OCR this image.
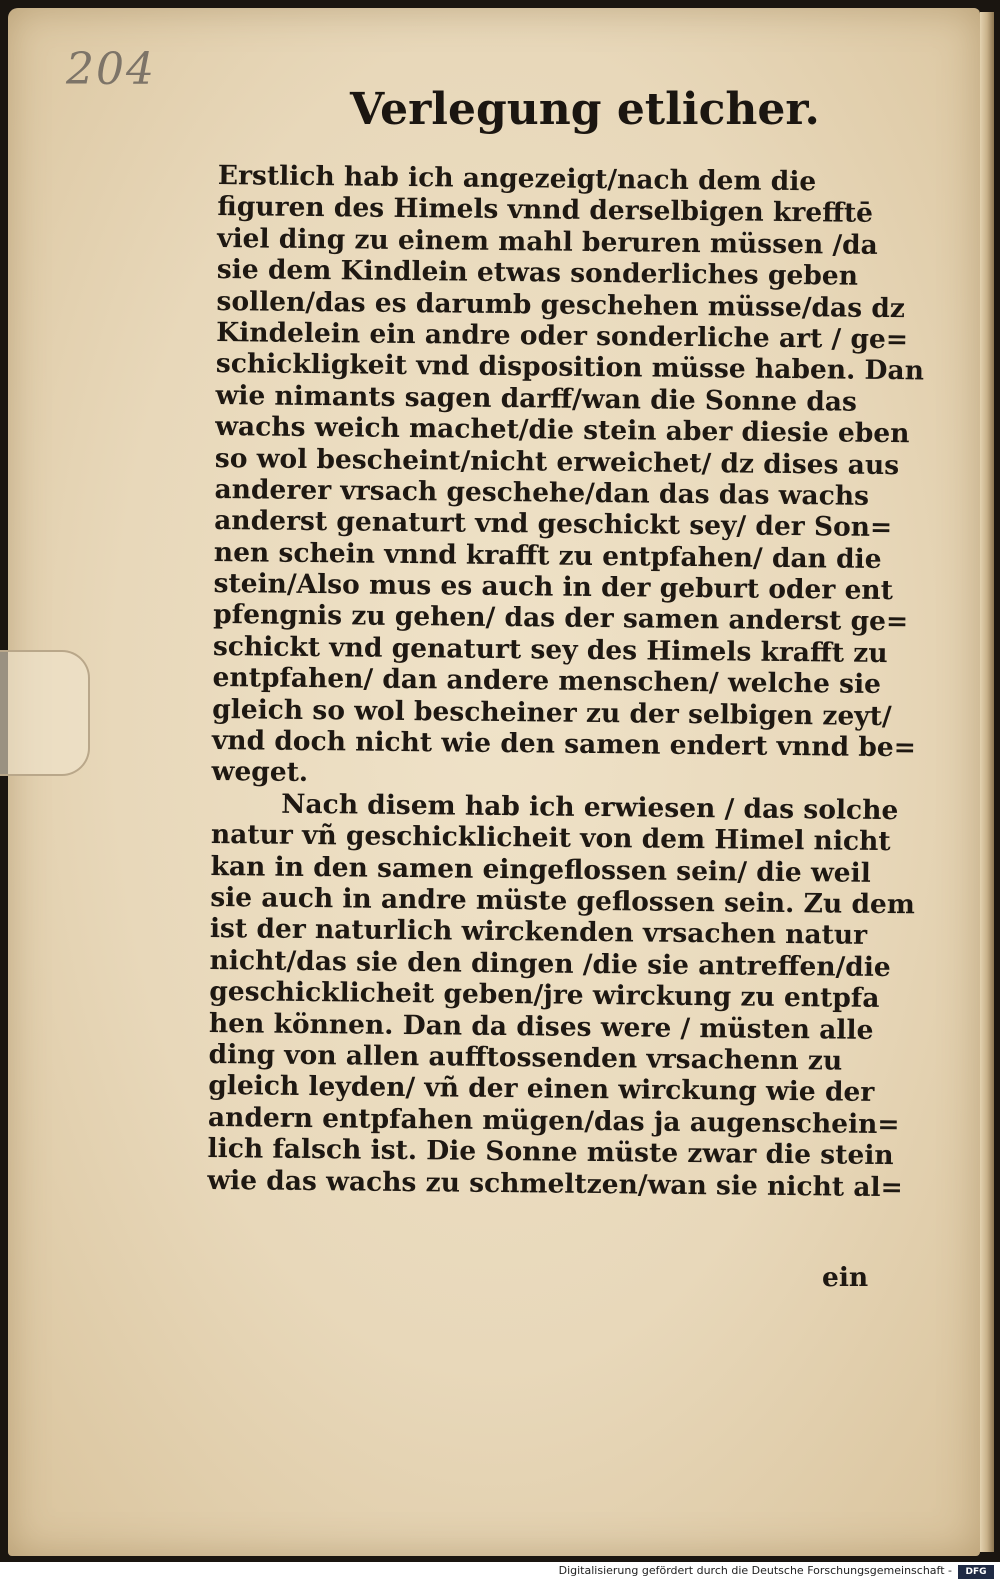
204
Verlegung etlicher.
Erstlich hab ich angezeigt/nach dem die
figuren des Himels vnnd derselbigen krefftē
viel ding zu einem mahl beruren müssen /da
sie dem Kindlein etwas sonderliches geben
sollen/das es darumb geschehen müsse/das dz
Kindelein ein andre oder sonderliche art / ge=
schickligkeit vnd disposition müsse haben. Dan
wie nimants sagen darff/wan die Sonne das
wachs weich machet/die stein aber diesie eben
so wol bescheint/nicht erweichet/ dz dises aus
anderer vrsach geschehe/dan das das wachs
anderst genaturt vnd geschickt sey/ der Son=
nen schein vnnd krafft zu entpfahen/ dan die
stein/Also mus es auch in der geburt oder ent
pfengnis zu gehen/ das der samen anderst ge=
schickt vnd genaturt sey des Himels krafft zu
entpfahen/ dan andere menschen/ welche sie
gleich so wol bescheiner zu der selbigen zeyt/
vnd doch nicht wie den samen endert vnnd be=
weget.
Nach disem hab ich erwiesen / das solche
natur vñ geschicklicheit von dem Himel nicht
kan in den samen eingeflossen sein/ die weil
sie auch in andre müste geflossen sein. Zu dem
ist der naturlich wirckenden vrsachen natur
nicht/das sie den dingen /die sie antreffen/die
geschicklicheit geben/jre wirckung zu entpfa
hen können. Dan da dises were / müsten alle
ding von allen aufftossenden vrsachenn zu
gleich leyden/ vñ der einen wirckung wie der
andern entpfahen mügen/das ja augenschein=
lich falsch ist. Die Sonne müste zwar die stein
wie das wachs zu schmeltzen/wan sie nicht al=
ein
Digitalisierung gefördert durch die Deutsche Forschungsgemeinschaft -	DFG
